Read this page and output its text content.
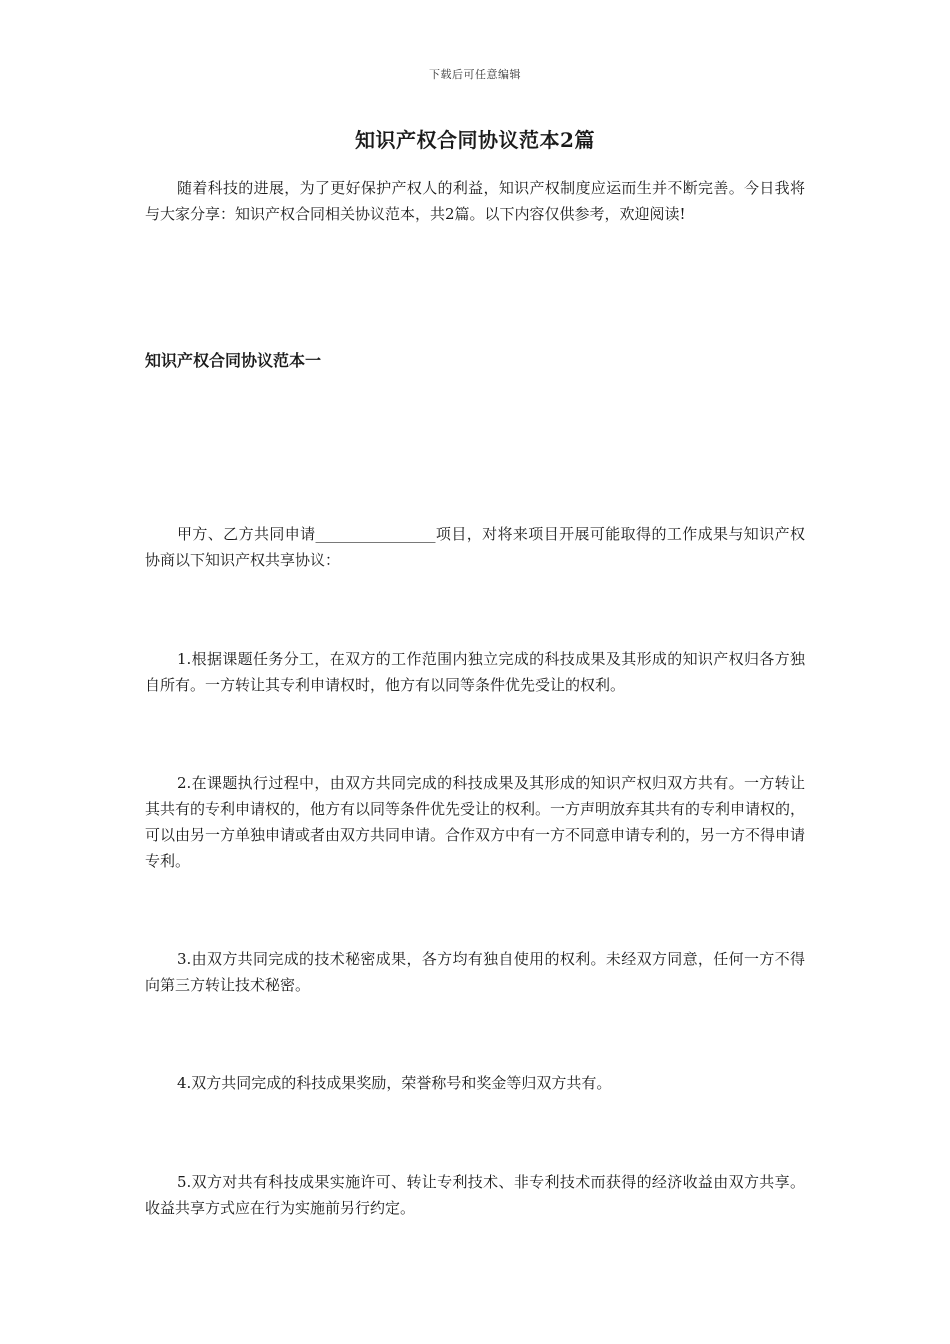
下载后可任意编辑
知识产权合同协议范本2篇

随着科技的进展，为了更好保护产权人的利益，知识产权制度应运而生并不断完善。今日我将与大家分享：知识产权合同相关协议范本，共2篇。以下内容仅供参考，欢迎阅读!

知识产权合同协议范本一

甲方、乙方共同申请________________项目，对将来项目开展可能取得的工作成果与知识产权协商以下知识产权共享协议：

1.根据课题任务分工，在双方的工作范围内独立完成的科技成果及其形成的知识产权归各方独自所有。一方转让其专利申请权时，他方有以同等条件优先受让的权利。

2.在课题执行过程中，由双方共同完成的科技成果及其形成的知识产权归双方共有。一方转让其共有的专利申请权的，他方有以同等条件优先受让的权利。一方声明放弃其共有的专利申请权的，可以由另一方单独申请或者由双方共同申请。合作双方中有一方不同意申请专利的，另一方不得申请专利。

3.由双方共同完成的技术秘密成果，各方均有独自使用的权利。未经双方同意，任何一方不得向第三方转让技术秘密。

4.双方共同完成的科技成果奖励，荣誉称号和奖金等归双方共有。

5.双方对共有科技成果实施许可、转让专利技术、非专利技术而获得的经济收益由双方共享。收益共享方式应在行为实施前另行约定。
